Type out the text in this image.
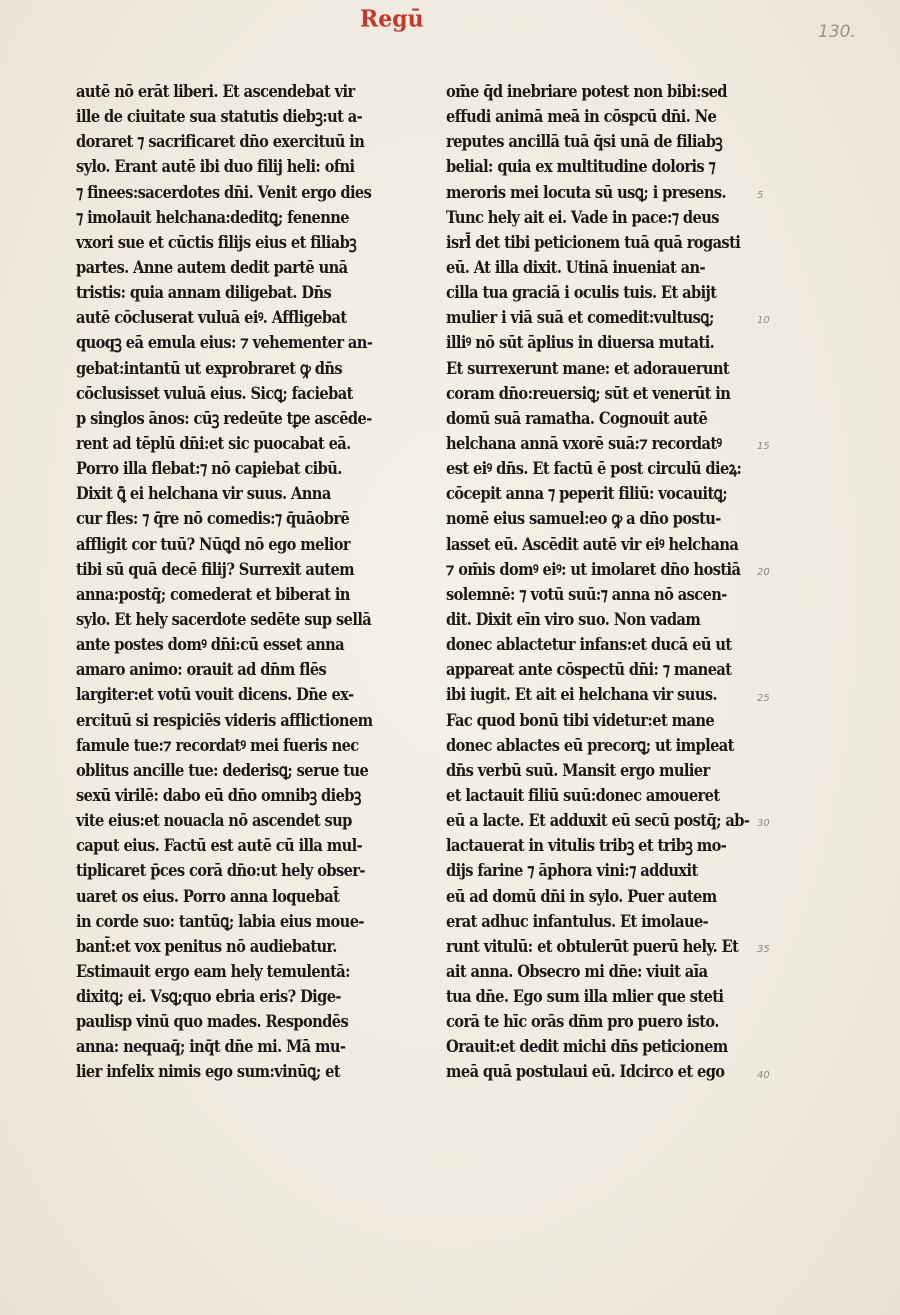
Regū	130.
autē nō erāt liberi. Et ascendebat vir
ille de ciuitate sua statutis diebꝫ:ut a-
doraret ⁊ sacrificaret dn̄o exercituū in
sylo. Erant autē ibi duo filij heli: ofni
⁊ finees:sacerdotes dn̄i. Venit ergo dies
⁊ imolauit helchana:deditꝗ; fenenne
vxori sue et cūctis filijs eius et filiabꝫ
partes. Anne autem dedit partē unā
tristis: quia annam diligebat. Dn̄s
autē cōcluserat vuluā eiꝰ. Affligebat
quoqꝫ eā emula eius: ⁊ vehementer an-
gebat:intantū ut exprobraret ꝙ dn̄s
cōclusisset vuluā eius. Sicꝗ; faciebat
p singlos ānos: cūꝫ redeūte tꝑe ascēde-
rent ad tēplū dn̄i:et sic puocabat eā.
Porro illa flebat:⁊ nō capiebat cibū.
Dixit ꝗ̄ ei helchana vir suus. Anna
cur fles: ⁊ q̄re nō comedis:⁊ q̄uāobrē
affligit cor tuū? Nūꝗd nō ego melior
tibi sū quā decē filij? Surrexit autem
anna:postq̄; comederat et biberat in
sylo. Et hely sacerdote sedēte sup sellā
ante postes domꝰ dn̄i:cū esset anna
amaro animo: orauit ad dn̄m flēs
largiter:et votū vouit dicens. Dn̄e ex-
ercituū si respiciēs videris afflictionem
famule tue:⁊ recordatꝰ mei fueris nec
oblitus ancille tue: dederisꝗ; serue tue
sexū virilē: dabo eū dn̄o omnibꝫ diebꝫ
vite eius:et nouacla nō ascendet sup
caput eius. Factū est autē cū illa mul-
tiplicaret p̄ces corā dn̄o:ut hely obser-
uaret os eius. Porro anna loquebat̄
in corde suo: tantūꝗ; labia eius moue-
bant̄:et vox penitus nō audiebatur.
Estimauit ergo eam hely temulentā:
dixitꝗ; ei. Vsꝗ;quo ebria eris? Dige-
paulisp vinū quo mades. Respondēs
anna: nequaq̄; inq̄t dn̄e mi. Mā mu-
lier infelix nimis ego sum:vinūꝗ; et
om̄e q̄d inebriare potest non bibi:sed
effudi animā meā in cōspcū dn̄i. Ne
reputes ancillā tuā q̄si unā de filiabꝫ
belial: quia ex multitudine doloris ⁊
meroris mei locuta sū usꝗ; i presens.
Tunc hely ait ei. Vade in pace:⁊ deus
isrl̄ det tibi peticionem tuā quā rogasti
eū. At illa dixit. Utinā inueniat an-
cilla tua graciā i oculis tuis. Et abijt
mulier i viā suā et comedit:vultusꝗ;
illiꝰ nō sūt āplius in diuersa mutati.
Et surrexerunt mane: et adorauerunt
coram dn̄o:reuersiꝗ; sūt et venerūt in
domū suā ramatha. Cognouit autē
helchana annā vxorē suā:⁊ recordatꝰ
est eiꝰ dn̄s. Et factū ē post circulū dieꝝ:
cōcepit anna ⁊ peperit filiū: vocauitꝗ;
nomē eius samuel:eo ꝙ a dn̄o postu-
lasset eū. Ascēdit autē vir eiꝰ helchana
⁊ om̄is domꝰ eiꝰ: ut imolaret dn̄o hostiā
solemnē: ⁊ votū suū:⁊ anna nō ascen-
dit. Dixit eīn viro suo. Non vadam
donec ablactetur infans:et ducā eū ut
appareat ante cōspectū dn̄i: ⁊ maneat
ibi iugit. Et ait ei helchana vir suus.
Fac quod bonū tibi videtur:et mane
donec ablactes eū precorꝗ; ut impleat
dn̄s verbū suū. Mansit ergo mulier
et lactauit filiū suū:donec amoueret
eū a lacte. Et adduxit eū secū postq̄; ab-
lactauerat in vitulis tribꝫ et tribꝫ mo-
dijs farine ⁊ āphora vini:⁊ adduxit
eū ad domū dn̄i in sylo. Puer autem
erat adhuc infantulus. Et imolaue-
runt vitulū: et obtulerūt puerū hely. Et
ait anna. Obsecro mi dn̄e: viuit aīa
tua dn̄e. Ego sum illa mlier que steti
corā te hīc orās dn̄m pro puero isto.
Orauit:et dedit michi dn̄s peticionem
meā quā postulaui eū. Idcirco et ego
5
10
15
20
25
30
35
40
